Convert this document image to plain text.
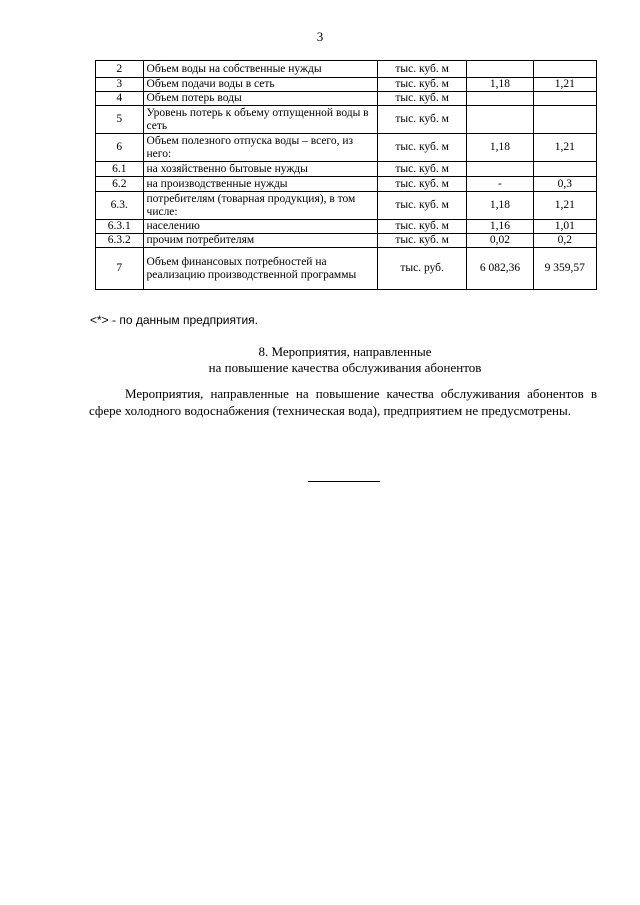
3
2	Объем воды на собственные нужды	тыс. куб. м		
3	Объем подачи воды в сеть	тыс. куб. м	1,18	1,21
4	Объем потерь воды	тыс. куб. м		
5	Уровень потерь к объему отпущенной воды в сеть	тыс. куб. м		
6	Объем полезного отпуска воды – всего, из него:	тыс. куб. м	1,18	1,21
6.1	на хозяйственно бытовые нужды	тыс. куб. м		
6.2	на производственные нужды	тыс. куб. м	-	0,3
6.3.	потребителям (товарная продукция), в том числе:	тыс. куб. м	1,18	1,21
6.3.1	населению	тыс. куб. м	1,16	1,01
6.3.2	прочим потребителям	тыс. куб. м	0,02	0,2
7	Объем финансовых потребностей на реализацию производственной программы	тыс. руб.	6 082,36	9 359,57
<*> - по данным предприятия.
8. Мероприятия, направленные
на повышение качества обслуживания абонентов
Мероприятия, направленные на повышение качества обслуживания абонентов в сфере холодного водоснабжения (техническая вода), предприятием не предусмотрены.
